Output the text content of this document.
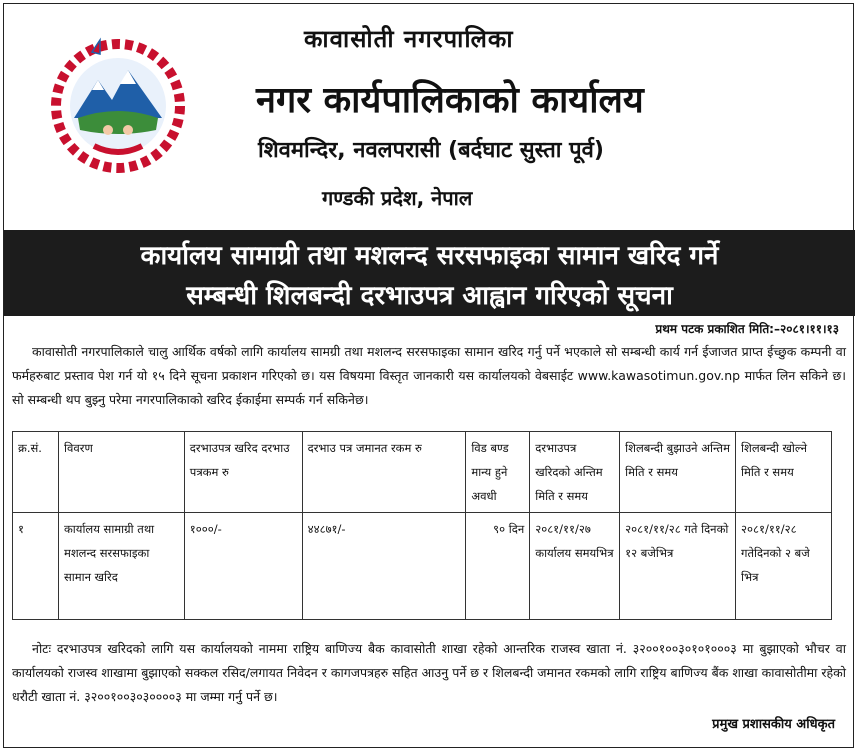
कावासोती नगरपालिका
नगर कार्यपालिकाको कार्यालय
शिवमन्दिर, नवलपरासी (बर्दघाट सुस्ता पूर्व)
गण्डकी प्रदेश, नेपाल
कार्यालय सामाग्री तथा मशलन्द सरसफाइका सामान खरिद गर्ने
सम्बन्धी शिलबन्दी दरभाउपत्र आह्वान गरिएको सूचना
प्रथम पटक प्रकाशित मिति:–२०८१।११।१३
कावासोती नगरपालिकाले चालु आर्थिक वर्षको लागि कार्यालय सामग्री तथा मशलन्द सरसफाइका सामान खरिद गर्नु पर्ने भएकाले सो सम्बन्धी कार्य गर्न ईजाजत प्राप्त ईच्छुक कम्पनी वा फर्महरुबाट प्रस्ताव पेश गर्न यो १५ दिने सूचना प्रकाशन गरिएको छ। यस विषयमा विस्तृत जानकारी यस कार्यालयको वेबसाईट www.kawasotimun.gov.np मार्फत लिन सकिने छ। सो सम्बन्धी थप बुझ्नु परेमा नगरपालिकाको खरिद ईकाईमा सम्पर्क गर्न सकिनेछ।
क्र.सं.	विवरण	दरभाउपत्र खरिद दरभाउ पत्रकम रु	दरभाउ पत्र जमानत रकम रु	विड बण्ड मान्य हुने अवधी	दरभाउपत्र खरिदको अन्तिम मिति र समय	शिलबन्दी बुझाउने अन्तिम मिति र समय	शिलबन्दी खोल्ने मिति र समय
१	कार्यालय सामाग्री तथा मशलन्द सरसफाइका सामान खरिद	१०००/-	४४८७१/-	९० दिन	२०८१/११/२७ कार्यालय समयभित्र	२०८१/११/२८ गते दिनको १२ बजेभित्र	२०८१/११/२८ गतेदिनको २ बजे भित्र
नोटः दरभाउपत्र खरिदको लागि यस कार्यालयको नाममा राष्ट्रिय बाणिज्य बैक कावासोती शाखा रहेको आन्तरिक राजस्व खाता नं. ३२००१००३०१०१०००३ मा बुझाएको भौचर वा कार्यालयको राजस्व शाखामा बुझाएको सक्कल रसिद/लगायत निवेदन र कागजपत्रहरु सहित आउनु पर्ने छ र शिलबन्दी जमानत रकमको लागि राष्ट्रिय बाणिज्य बैंक शाखा कावासोतीमा रहेको धरौटी खाता नं. ३२००१००३०३००००३ मा जम्मा गर्नु पर्ने छ।
प्रमुख प्रशासकीय अधिकृत
